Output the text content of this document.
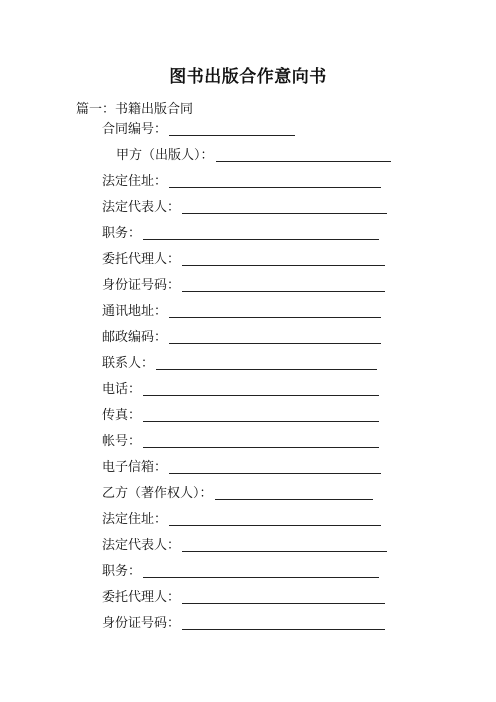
图书出版合作意向书
篇一：书籍出版合同
合同编号：
甲方（出版人）：
法定住址：
法定代表人：
职务：
委托代理人：
身份证号码：
通讯地址：
邮政编码：
联系人：
电话：
传真：
帐号：
电子信箱：
乙方（著作权人）：
法定住址：
法定代表人：
职务：
委托代理人：
身份证号码：
